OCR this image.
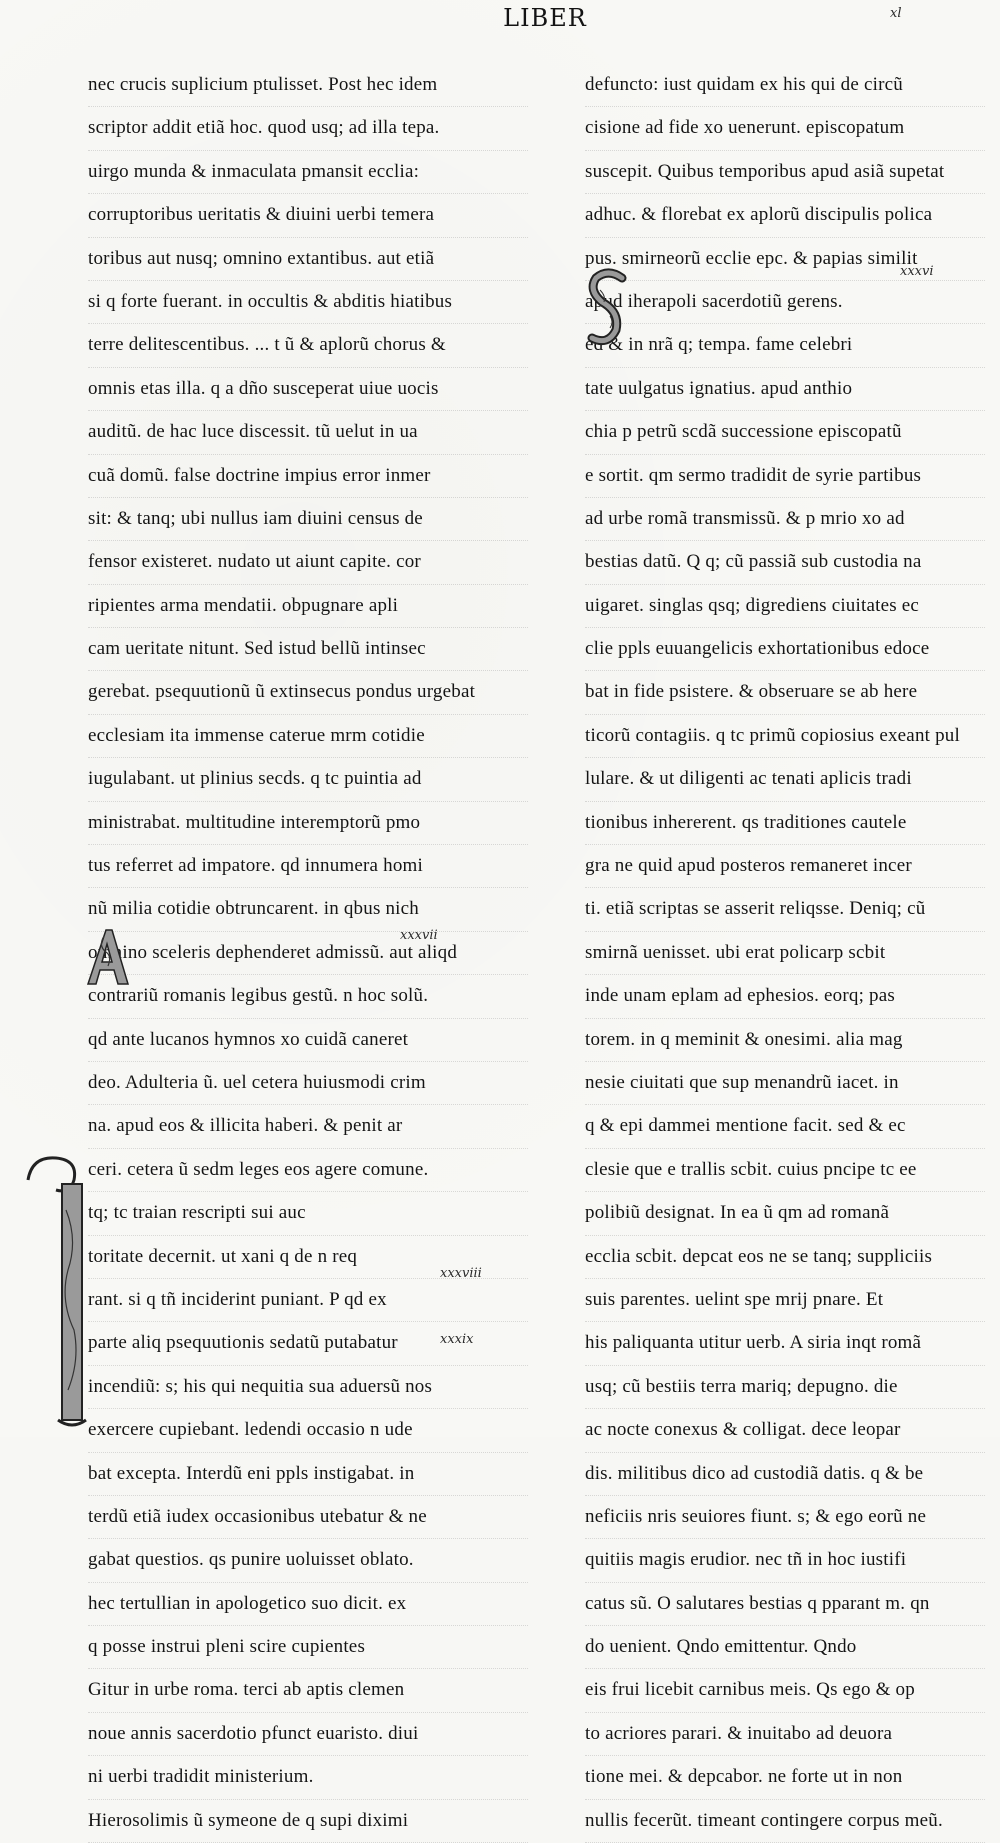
LIBER
nec crucis suplicium ptulisset. Post hec idem
scriptor addit etiã hoc. quod usq; ad illa tepa.
uirgo munda & inmaculata pmansit ecclia:
corruptoribus ueritatis & diuini uerbi temera
toribus aut nusq; omnino extantibus. aut etiã
si q forte fuerant. in occultis & abditis hiatibus
terre delitescentibus. ... t ũ & aplorũ chorus &
omnis etas illa. q a dño susceperat uiue uocis
auditũ. de hac luce discessit. tũ uelut in ua
cuã domũ. false doctrine impius error inmer
sit: & tanq; ubi nullus iam diuini census de
fensor existeret. nudato ut aiunt capite. cor
ripientes arma mendatii. obpugnare apli
cam ueritate nitunt. Sed istud bellũ intinsec
gerebat. psequutionũ ũ extinsecus pondus urgebat
ecclesiam ita immense caterue mrm cotidie
iugulabant. ut plinius secds. q tc puintia ad
ministrabat. multitudine interemptorũ pmo
tus referret ad impatore. qd innumera homi
nũ milia cotidie obtruncarent. in qbus nich
omnino sceleris dephenderet admissũ. aut aliqd
contrariũ romanis legibus gestũ. n hoc solũ.
qd ante lucanos hymnos xo cuidã caneret
deo. Adulteria ũ. uel cetera huiusmodi crim
na. apud eos & illicita haberi. & penit ar
ceri. cetera ũ sedm leges eos agere comune.
tq; tc traian rescripti sui auc
toritate decernit. ut xani q de n req
rant. si q tñ inciderint puniant. P qd ex
parte aliq psequutionis sedatũ putabatur
incendiũ: s; his qui nequitia sua aduersũ nos
exercere cupiebant. ledendi occasio n ude
bat excepta. Interdũ eni ppls instigabat. in
terdũ etiã iudex occasionibus utebatur & ne
gabat questios. qs punire uoluisset oblato.
hec tertullian in apologetico suo dicit. ex
q posse instrui pleni scire cupientes
Gitur in urbe roma. terci ab aptis clemen
noue annis sacerdotio pfunct euaristo. diui
ni uerbi tradidit ministerium.
Hierosolimis ũ symeone de q supi diximi
defuncto: iust quidam ex his qui de circũ
cisione ad fide xo uenerunt. episcopatum
suscepit. Quibus temporibus apud asiã supetat
adhuc. & florebat ex aplorũ discipulis polica
pus. smirneorũ ecclie epc. & papias similit
apud iherapoli sacerdotiũ gerens.
ed & in nrã q; tempa. fame celebri
tate uulgatus ignatius. apud anthio
chia p petrũ scdã successione episcopatũ
e sortit. qm sermo tradidit de syrie partibus
ad urbe romã transmissũ. & p mrio xo ad
bestias datũ. Q q; cũ passiã sub custodia na
uigaret. singlas qsq; digrediens ciuitates ec
clie ppls euuangelicis exhortationibus edoce
bat in fide psistere. & obseruare se ab here
ticorũ contagiis. q tc primũ copiosius exeant pul
lulare. & ut diligenti ac tenati aplicis tradi
tionibus inhererent. qs traditiones cautele
gra ne quid apud posteros remaneret incer
ti. etiã scriptas se asserit reliqsse. Deniq; cũ
smirnã uenisset. ubi erat policarp scbit
inde unam eplam ad ephesios. eorq; pas
torem. in q meminit & onesimi. alia mag
nesie ciuitati que sup menandrũ iacet. in
q & epi dammei mentione facit. sed & ec
clesie que e trallis scbit. cuius pncipe tc ee
polibiũ designat. In ea ũ qm ad romanã
ecclia scbit. depcat eos ne se tanq; suppliciis
suis parentes. uelint spe mrij pnare. Et
his paliquanta utitur uerb. A siria inqt romã
usq; cũ bestiis terra mariq; depugno. die
ac nocte conexus & colligat. dece leopar
dis. militibus dico ad custodiã datis. q & be
neficiis nris seuiores fiunt. s; & ego eorũ ne
quitiis magis erudior. nec tñ in hoc iustifi
catus sũ. O salutares bestias q pparant m. qn
do uenient. Qndo emittentur. Qndo
eis frui licebit carnibus meis. Qs ego & op
to acriores parari. & inuitabo ad deuora
tione mei. & depcabor. ne forte ut in non
nullis fecerũt. timeant contingere corpus meũ.
xxxvi
xxxvii
xxxviii
xxxix
xl
